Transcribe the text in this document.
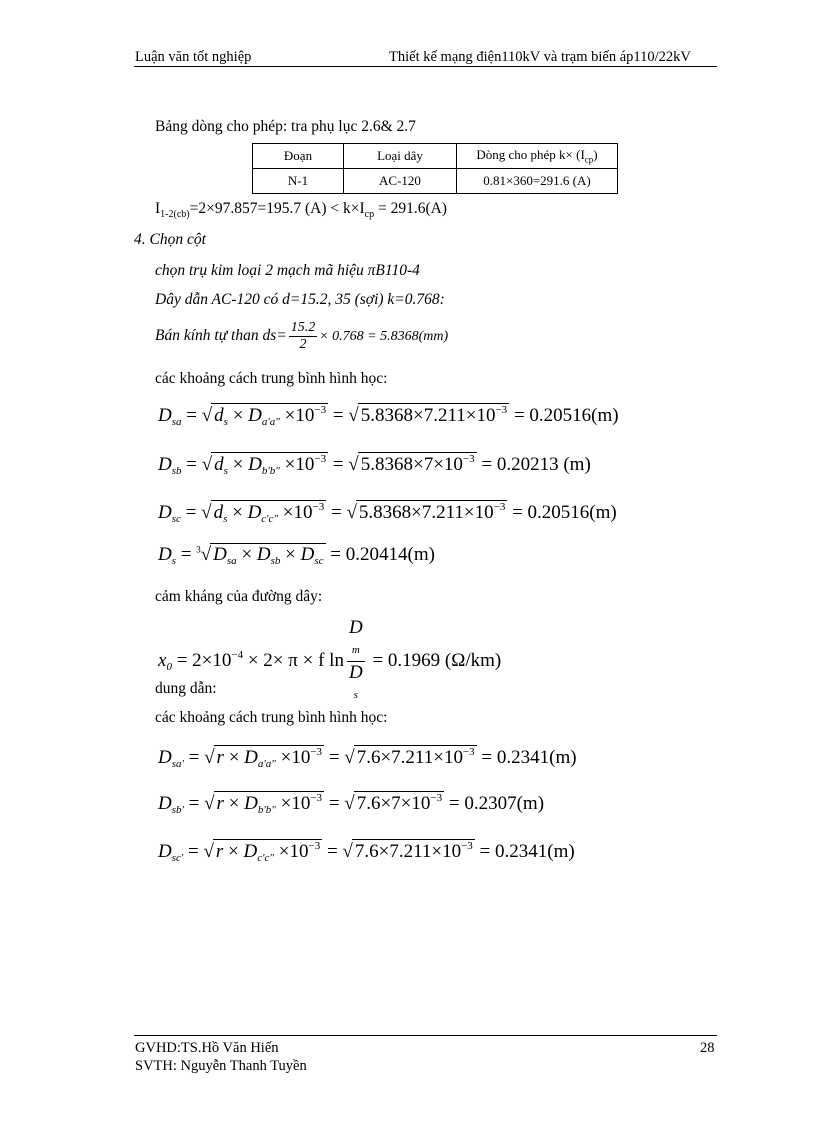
Luận văn tốt nghiệp	Thiết kế mạng điện110kV và trạm biến áp110/22kV
Bảng dòng cho phép: tra phụ lục 2.6& 2.7
Đoạn	Loại dây	Dòng cho phép $k\times (I_{cp})$
N-1	AC-120	0.81×360=291.6 (A)
$I_{1-2(cb)}=2\times 97.857=195.7$ $(A) < k\times I_{cp} = 291.6(A)$
4. Chọn cột
chọn trụ kim loại 2 mạch mã hiệu πB110-4
Dây dẫn AC-120 có d=15.2, 35 (sợi) k=0.768:
Bán kính tự than $ds= \frac{15.2}{2} \times 0.768 = 5.8368(mm)$
các khoảng cách trung bình hình học:
$D_{sa}$ = √ $d_s \times D_{a'a"} \times 10^{-3}$ = √ $5.8368\times 7.211\times 10^{-3} = 0.20516(m)$
$D_{sb}$ = √ $d_s \times D_{b'b"} \times 10^{-3}$ = √ $5.8368\times 7\times 10^{-3} = 0.20213$ (m)
$D_{sc}$ = √ $d_s \times D_{c'c"} \times 10^{-3}$ = √ $5.8368\times 7.211\times 10^{-3} = 0.20516(m)$
$D_s = ^3√$ $D_{sa} \times D_{sb} \times D_{sc} = 0.20414(m)$
cảm kháng của đường dây:
$x_0 = 2\times 10^{-4} \times 2\times \pi \times f$ ln D
m
D
s = 0.1969 (Ω/km)
dung dẫn:
các khoảng cách trung bình hình học:
$D_{sa'}$ = √ $r \times D_{a'a"} \times 10^{-3}$ = √ $7.6\times 7.211\times 10^{-3} = 0.2341(m)$
$D_{sb'}$ = √ $r \times D_{b'b"} \times 10^{-3}$ = √ $7.6\times 7\times 10^{-3} = 0.2307(m)$
$D_{sc'}$ = √ $r \times D_{c'c"} \times 10^{-3}$ = √ $7.6\times 7.211\times 10^{-3} = 0.2341(m)$
GVHD:TS.Hồ Văn Hiến
SVTH: Nguyễn Thanh Tuyền
28
